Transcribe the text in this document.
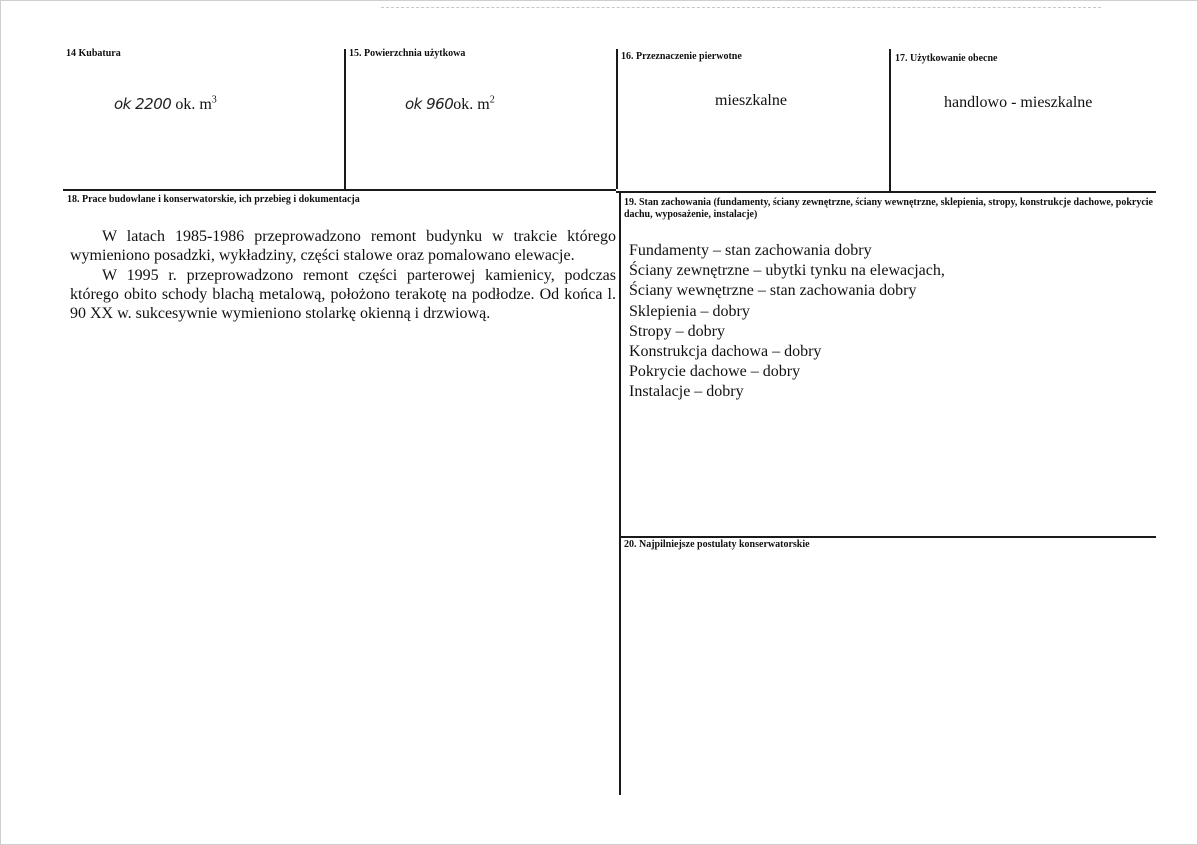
14 Kubatura
ok 2200 ok. $m^3$
15. Powierzchnia użytkowa
ok 960ok. $m^2$
16. Przeznaczenie pierwotne
mieszkalne
17. Użytkowanie obecne
handlowo - mieszkalne
18. Prace budowlane i konserwatorskie, ich przebieg i dokumentacja

W latach 1985-1986 przeprowadzono remont budynku w trakcie którego wymieniono posadzki, wykładziny, części stalowe oraz pomalowano elewacje.

W 1995 r. przeprowadzono remont części parterowej kamienicy, podczas którego obito schody blachą metalową, położono terakotę na podłodze. Od końca l. 90 XX w. sukcesywnie wymieniono stolarkę okienną i drzwiową.

19. Stan zachowania (fundamenty, ściany zewnętrzne, ściany wewnętrzne, sklepienia, stropy, konstrukcje dachowe, pokrycie dachu, wyposażenie, instalacje)
Fundamenty – stan zachowania dobry
Ściany zewnętrzne – ubytki tynku na elewacjach,
Ściany wewnętrzne – stan zachowania dobry
Sklepienia – dobry
Stropy – dobry
Konstrukcja dachowa – dobry
Pokrycie dachowe – dobry
Instalacje – dobry
20. Najpilniejsze postulaty konserwatorskie
